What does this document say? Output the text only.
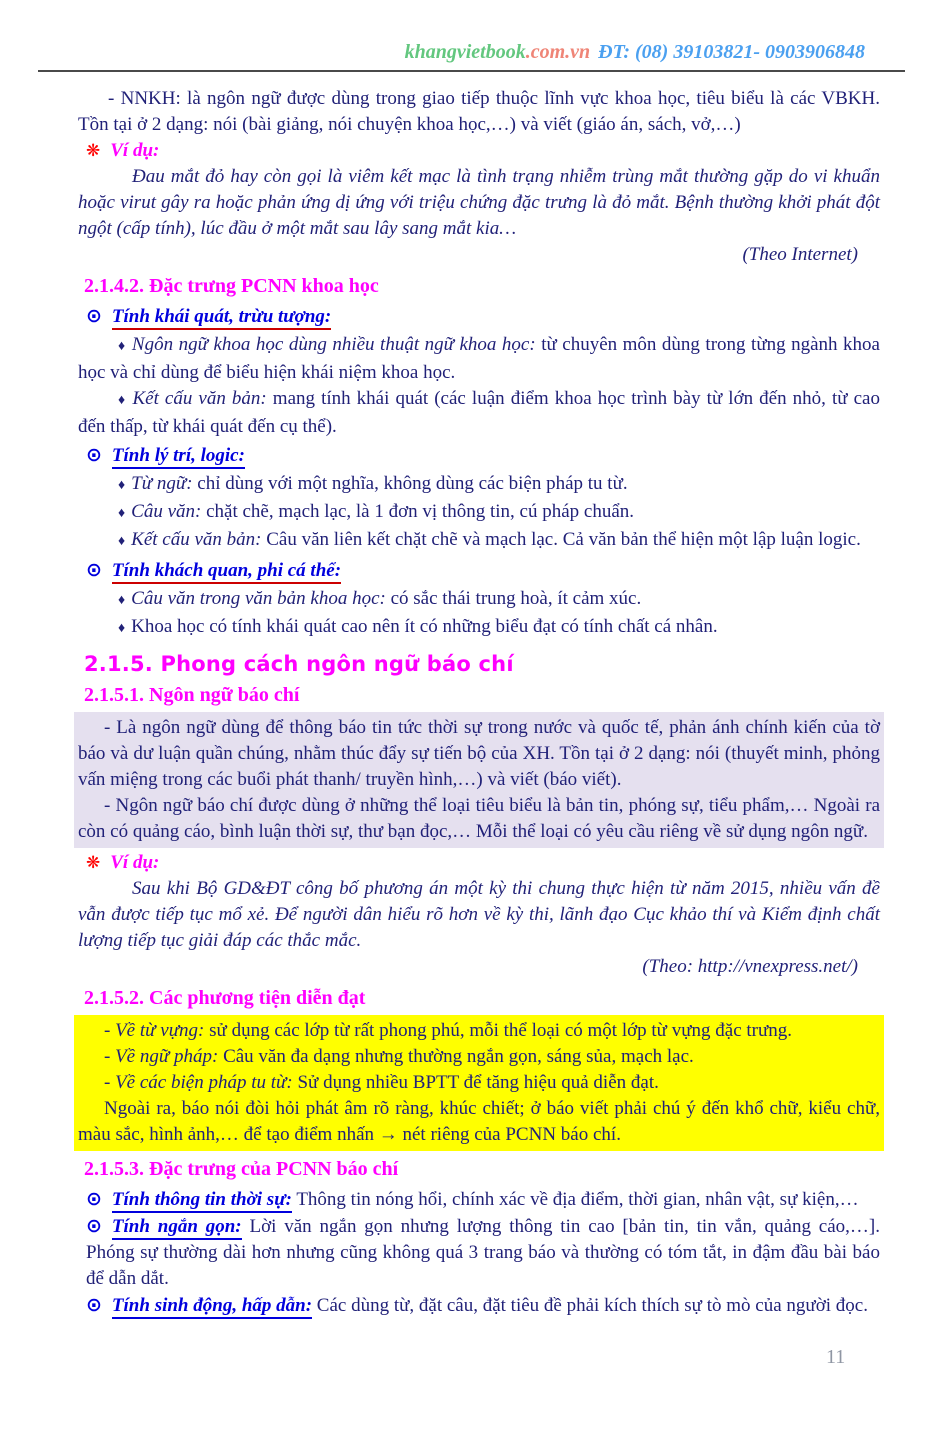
khangvietbook.com.vn ĐT: (08) 39103821- 0903906848

- NNKH: là ngôn ngữ được dùng trong giao tiếp thuộc lĩnh vực khoa học, tiêu biểu là các VBKH. Tồn tại ở 2 dạng: nói (bài giảng, nói chuyện khoa học,…) và viết (giáo án, sách, vở,…)

❋ Ví dụ:

Đau mắt đỏ hay còn gọi là viêm kết mạc là tình trạng nhiễm trùng mắt thường gặp do vi khuẩn hoặc virut gây ra hoặc phản ứng dị ứng với triệu chứng đặc trưng là đỏ mắt. Bệnh thường khởi phát đột ngột (cấp tính), lúc đầu ở một mắt sau lây sang mắt kia…

(Theo Internet)

2.1.4.2. Đặc trưng PCNN khoa học

⊙ Tính khái quát, trừu tượng:

♦ Ngôn ngữ khoa học dùng nhiều thuật ngữ khoa học: từ chuyên môn dùng trong từng ngành khoa học và chỉ dùng để biểu hiện khái niệm khoa học.

♦ Kết cấu văn bản: mang tính khái quát (các luận điểm khoa học trình bày từ lớn đến nhỏ, từ cao đến thấp, từ khái quát đến cụ thể).

⊙ Tính lý trí, logic:

♦ Từ ngữ: chỉ dùng với một nghĩa, không dùng các biện pháp tu từ.

♦ Câu văn: chặt chẽ, mạch lạc, là 1 đơn vị thông tin, cú pháp chuẩn.

♦ Kết cấu văn bản: Câu văn liên kết chặt chẽ và mạch lạc. Cả văn bản thể hiện một lập luận logic.

⊙ Tính khách quan, phi cá thể:

♦ Câu văn trong văn bản khoa học: có sắc thái trung hoà, ít cảm xúc.

♦ Khoa học có tính khái quát cao nên ít có những biểu đạt có tính chất cá nhân.

2.1.5. Phong cách ngôn ngữ báo chí

2.1.5.1. Ngôn ngữ báo chí

- Là ngôn ngữ dùng để thông báo tin tức thời sự trong nước và quốc tế, phản ánh chính kiến của tờ báo và dư luận quần chúng, nhằm thúc đẩy sự tiến bộ của XH. Tồn tại ở 2 dạng: nói (thuyết minh, phỏng vấn miệng trong các buổi phát thanh/ truyền hình,…) và viết (báo viết).

- Ngôn ngữ báo chí được dùng ở những thể loại tiêu biểu là bản tin, phóng sự, tiểu phẩm,… Ngoài ra còn có quảng cáo, bình luận thời sự, thư bạn đọc,… Mỗi thể loại có yêu cầu riêng về sử dụng ngôn ngữ.

❋ Ví dụ:

Sau khi Bộ GD&ĐT công bố phương án một kỳ thi chung thực hiện từ năm 2015, nhiều vấn đề vẫn được tiếp tục mổ xẻ. Để người dân hiểu rõ hơn về kỳ thi, lãnh đạo Cục khảo thí và Kiểm định chất lượng tiếp tục giải đáp các thắc mắc.

(Theo: http://vnexpress.net/)

2.1.5.2. Các phương tiện diễn đạt

- Về từ vựng: sử dụng các lớp từ rất phong phú, mỗi thể loại có một lớp từ vựng đặc trưng.

- Về ngữ pháp: Câu văn đa dạng nhưng thường ngắn gọn, sáng sủa, mạch lạc.

- Về các biện pháp tu từ: Sử dụng nhiều BPTT để tăng hiệu quả diễn đạt.

Ngoài ra, báo nói đòi hỏi phát âm rõ ràng, khúc chiết; ở báo viết phải chú ý đến khổ chữ, kiểu chữ, màu sắc, hình ảnh,… để tạo điểm nhấn → nét riêng của PCNN báo chí.

2.1.5.3. Đặc trưng của PCNN báo chí

⊙ Tính thông tin thời sự: Thông tin nóng hổi, chính xác về địa điểm, thời gian, nhân vật, sự kiện,…

⊙ Tính ngắn gọn: Lời văn ngắn gọn nhưng lượng thông tin cao [bản tin, tin vắn, quảng cáo,…]. Phóng sự thường dài hơn nhưng cũng không quá 3 trang báo và thường có tóm tắt, in đậm đầu bài báo để dẫn dắt.

⊙ Tính sinh động, hấp dẫn: Các dùng từ, đặt câu, đặt tiêu đề phải kích thích sự tò mò của người đọc.

11
